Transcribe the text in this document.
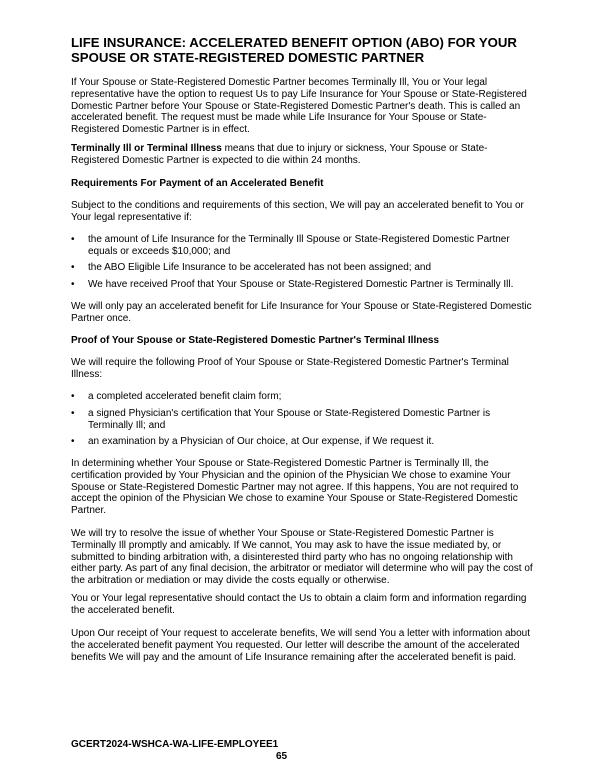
LIFE INSURANCE: ACCELERATED BENEFIT OPTION (ABO) FOR YOUR SPOUSE OR STATE-REGISTERED DOMESTIC PARTNER

If Your Spouse or State-Registered Domestic Partner becomes Terminally Ill, You or Your legal representative have the option to request Us to pay Life Insurance for Your Spouse or State-Registered Domestic Partner before Your Spouse or State-Registered Domestic Partner's death. This is called an accelerated benefit. The request must be made while Life Insurance for Your Spouse or State-Registered Domestic Partner is in effect.

Terminally Ill or Terminal Illness means that due to injury or sickness, Your Spouse or State-Registered Domestic Partner is expected to die within 24 months.

Requirements For Payment of an Accelerated Benefit

Subject to the conditions and requirements of this section, We will pay an accelerated benefit to You or Your legal representative if:

• the amount of Life Insurance for the Terminally Ill Spouse or State-Registered Domestic Partner equals or exceeds $10,000; and
• the ABO Eligible Life Insurance to be accelerated has not been assigned; and
• We have received Proof that Your Spouse or State-Registered Domestic Partner is Terminally Ill.

We will only pay an accelerated benefit for Life Insurance for Your Spouse or State-Registered Domestic Partner once.

Proof of Your Spouse or State-Registered Domestic Partner's Terminal Illness

We will require the following Proof of Your Spouse or State-Registered Domestic Partner's Terminal Illness:

• a completed accelerated benefit claim form;
• a signed Physician's certification that Your Spouse or State-Registered Domestic Partner is Terminally Ill; and
• an examination by a Physician of Our choice, at Our expense, if We request it.

In determining whether Your Spouse or State-Registered Domestic Partner is Terminally Ill, the certification provided by Your Physician and the opinion of the Physician We chose to examine Your Spouse or State-Registered Domestic Partner may not agree. If this happens, You are not required to accept the opinion of the Physician We chose to examine Your Spouse or State-Registered Domestic Partner.

We will try to resolve the issue of whether Your Spouse or State-Registered Domestic Partner is Terminally Ill promptly and amicably. If We cannot, You may ask to have the issue mediated by, or submitted to binding arbitration with, a disinterested third party who has no ongoing relationship with either party. As part of any final decision, the arbitrator or mediator will determine who will pay the cost of the arbitration or mediation or may divide the costs equally or otherwise.

You or Your legal representative should contact the Us to obtain a claim form and information regarding the accelerated benefit.

Upon Our receipt of Your request to accelerate benefits, We will send You a letter with information about the accelerated benefit payment You requested. Our letter will describe the amount of the accelerated benefits We will pay and the amount of Life Insurance remaining after the accelerated benefit is paid.

GCERT2024-WSHCA-WA-LIFE-EMPLOYEE1
65
